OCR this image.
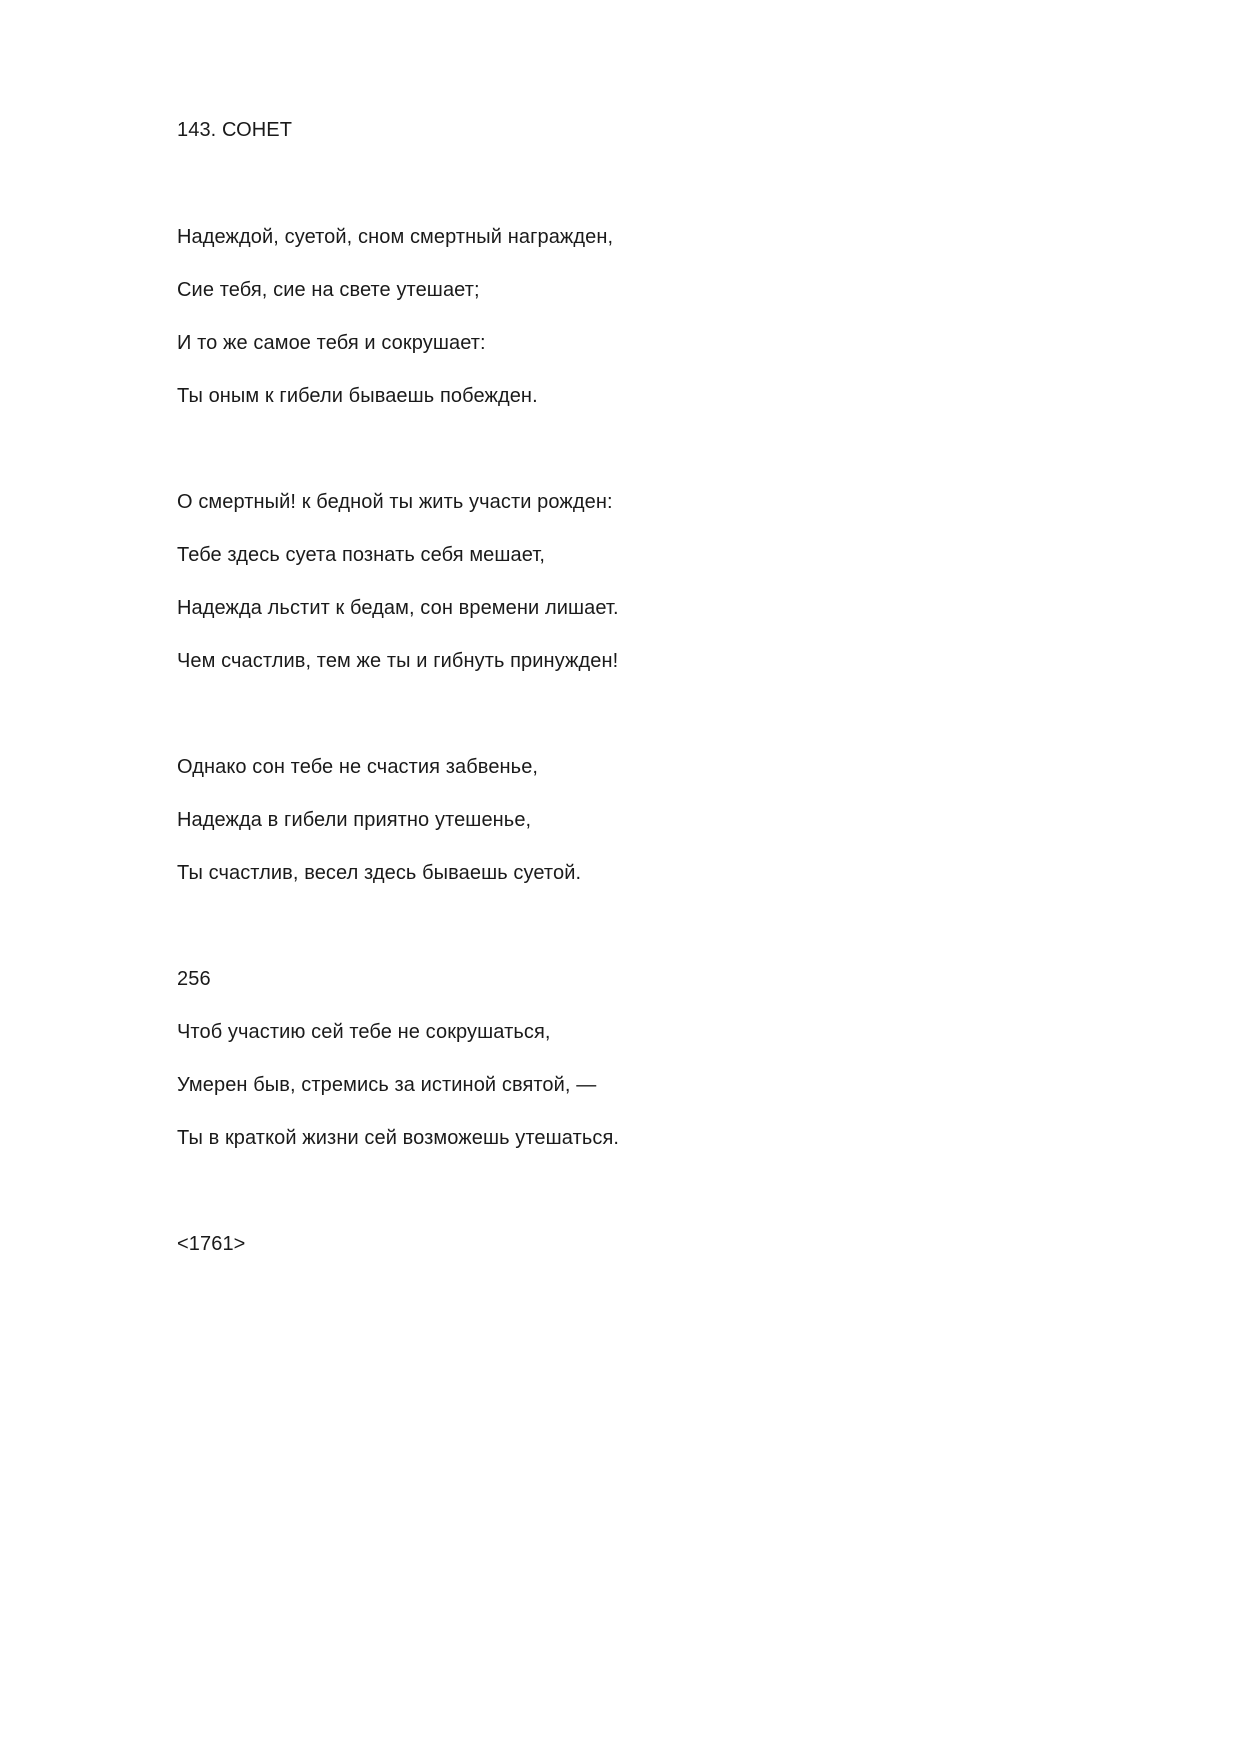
143. СОНЕТ
Надеждой, суетой, сном смертный награжден,
Сие тебя, сие на свете утешает;
И то же самое тебя и сокрушает:
Ты оным к гибели бываешь побежден.
О смертный! к бедной ты жить участи рожден:
Тебе здесь суета познать себя мешает,
Надежда льстит к бедам, сон времени лишает.
Чем счастлив, тем же ты и гибнуть принужден!
Однако сон тебе не счастия забвенье,
Надежда в гибели приятно утешенье,
Ты счастлив, весел здесь бываешь суетой.
256
Чтоб участию сей тебе не сокрушаться,
Умерен быв, стремись за истиной святой, —
Ты в краткой жизни сей возможешь утешаться.
<1761>
